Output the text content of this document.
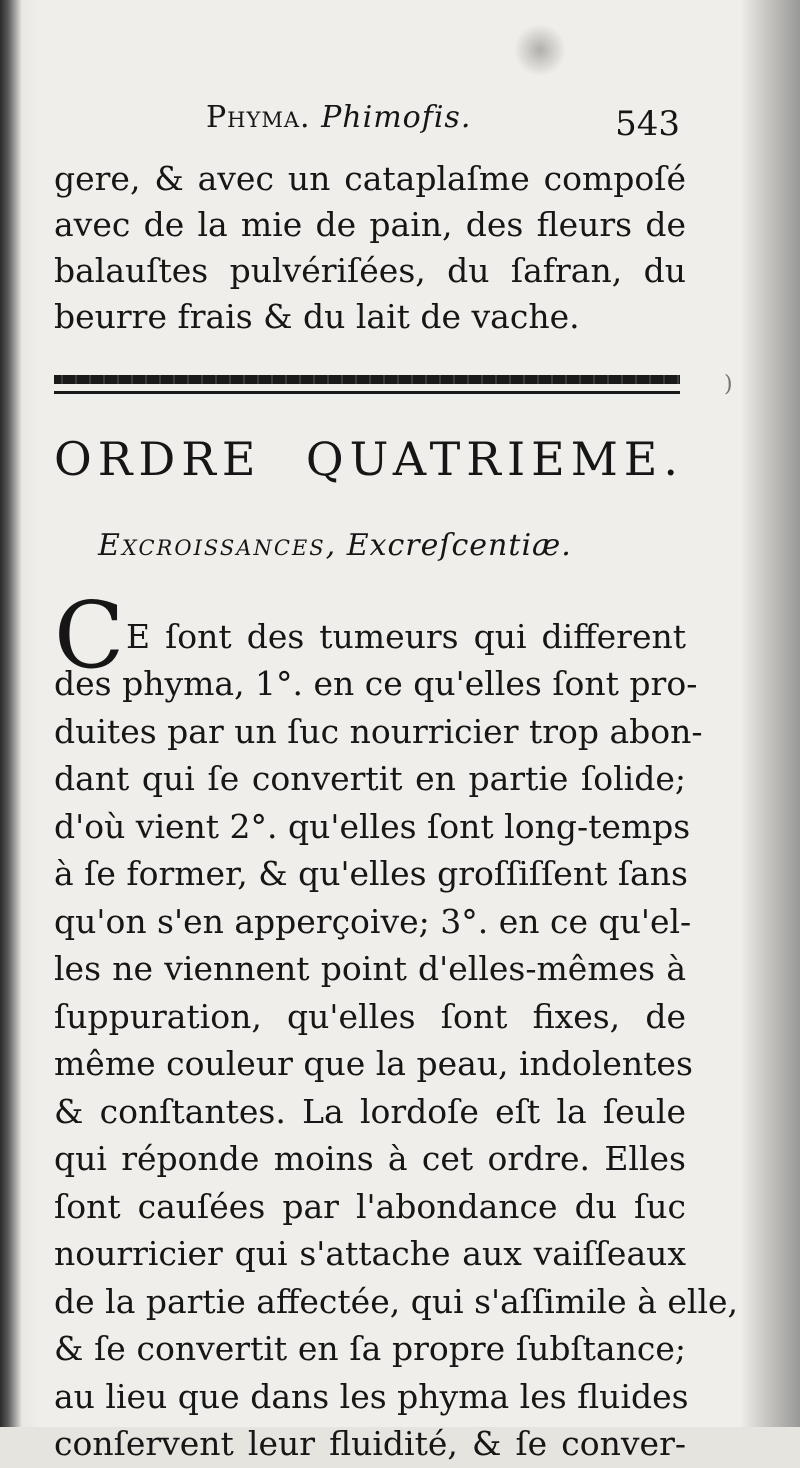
Phyma. Phimofis.	543
gere, & avec un cataplaſme compoſé
avec de la mie de pain, des fleurs de
balauſtes pulvériſées, du ſafran, du
beurre frais & du lait de vache.
)
ORDRE QUATRIEME.
Excroissances, Excreſcentiæ.
C E ſont des tumeurs qui different
des phyma, 1°. en ce qu'elles ſont pro-
duites par un ſuc nourricier trop abon-
dant qui ſe convertit en partie ſolide;
d'où vient 2°. qu'elles ſont long-temps
à ſe former, & qu'elles groſſiſſent ſans
qu'on s'en apperçoive; 3°. en ce qu'el-
les ne viennent point d'elles-mêmes à
ſuppuration, qu'elles ſont fixes, de
même couleur que la peau, indolentes
& conſtantes. La lordoſe eſt la ſeule
qui réponde moins à cet ordre. Elles
ſont cauſées par l'abondance du ſuc
nourricier qui s'attache aux vaiſſeaux
de la partie affectée, qui s'aſſimile à elle,
& ſe convertit en ſa propre ſubſtance;
au lieu que dans les phyma les fluides
conſervent leur fluidité, & ſe conver-
